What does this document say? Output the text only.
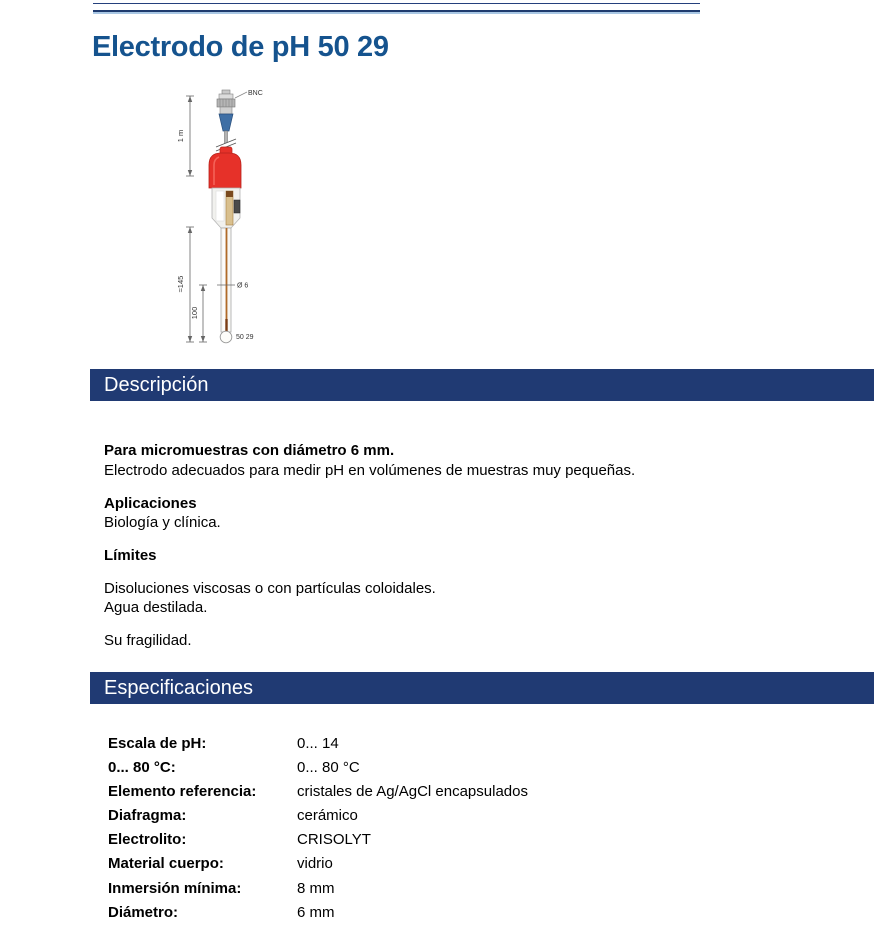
Electrodo de pH 50 29
1 m
≈145
100
BNC
Ø 6
50 29
Descripción
Para micromuestras con diámetro 6 mm.
Electrodo adecuados para medir pH en volúmenes de muestras muy pequeñas.
Aplicaciones
Biología y clínica.
Límites
Disoluciones viscosas o con partículas coloidales.
Agua destilada.
Su fragilidad.
Especificaciones
Escala de pH:	0... 14
0... 80 °C:	0... 80 °C
Elemento referencia:	cristales de Ag/AgCl encapsulados
Diafragma:	cerámico
Electrolito:	CRISOLYT
Material cuerpo:	vidrio
Inmersión mínima:	8 mm
Diámetro:	6 mm
